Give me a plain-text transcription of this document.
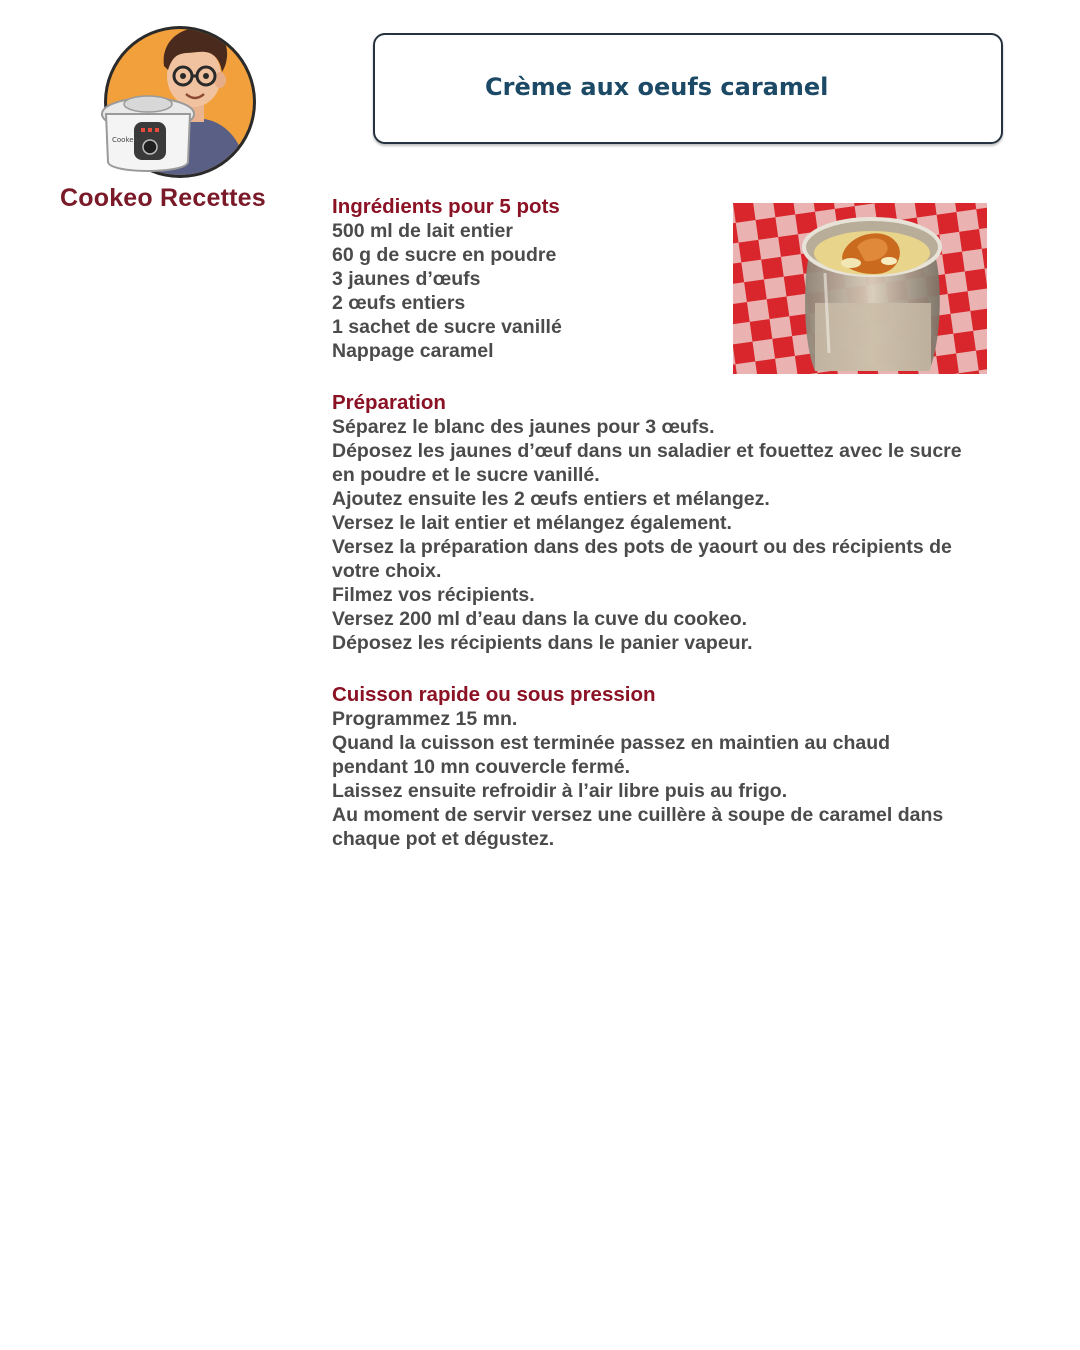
Cookeo
Cookeo Recettes
Crème aux oeufs caramel
Ingrédients pour 5 pots
500 ml de lait entier
60 g de sucre en poudre
3 jaunes d’œufs
2 œufs entiers
1 sachet de sucre vanillé
Nappage caramel
Préparation
Séparez le blanc des jaunes pour 3 œufs.
Déposez les jaunes d’œuf dans un saladier et fouettez avec le sucre en poudre et le sucre vanillé.
Ajoutez ensuite les 2 œufs entiers et mélangez.
Versez le lait entier et mélangez également.
Versez la préparation dans des pots de yaourt ou des récipients de votre choix.
Filmez vos récipients.
Versez 200 ml d’eau dans la cuve du cookeo.
Déposez les récipients dans le panier vapeur.
Cuisson rapide ou sous pression
Programmez 15 mn.
Quand la cuisson est terminée passez en maintien au chaud pendant 10 mn couvercle fermé.
Laissez ensuite refroidir à l’air libre puis au frigo.
Au moment de servir versez une cuillère à soupe de caramel dans chaque pot et dégustez.
